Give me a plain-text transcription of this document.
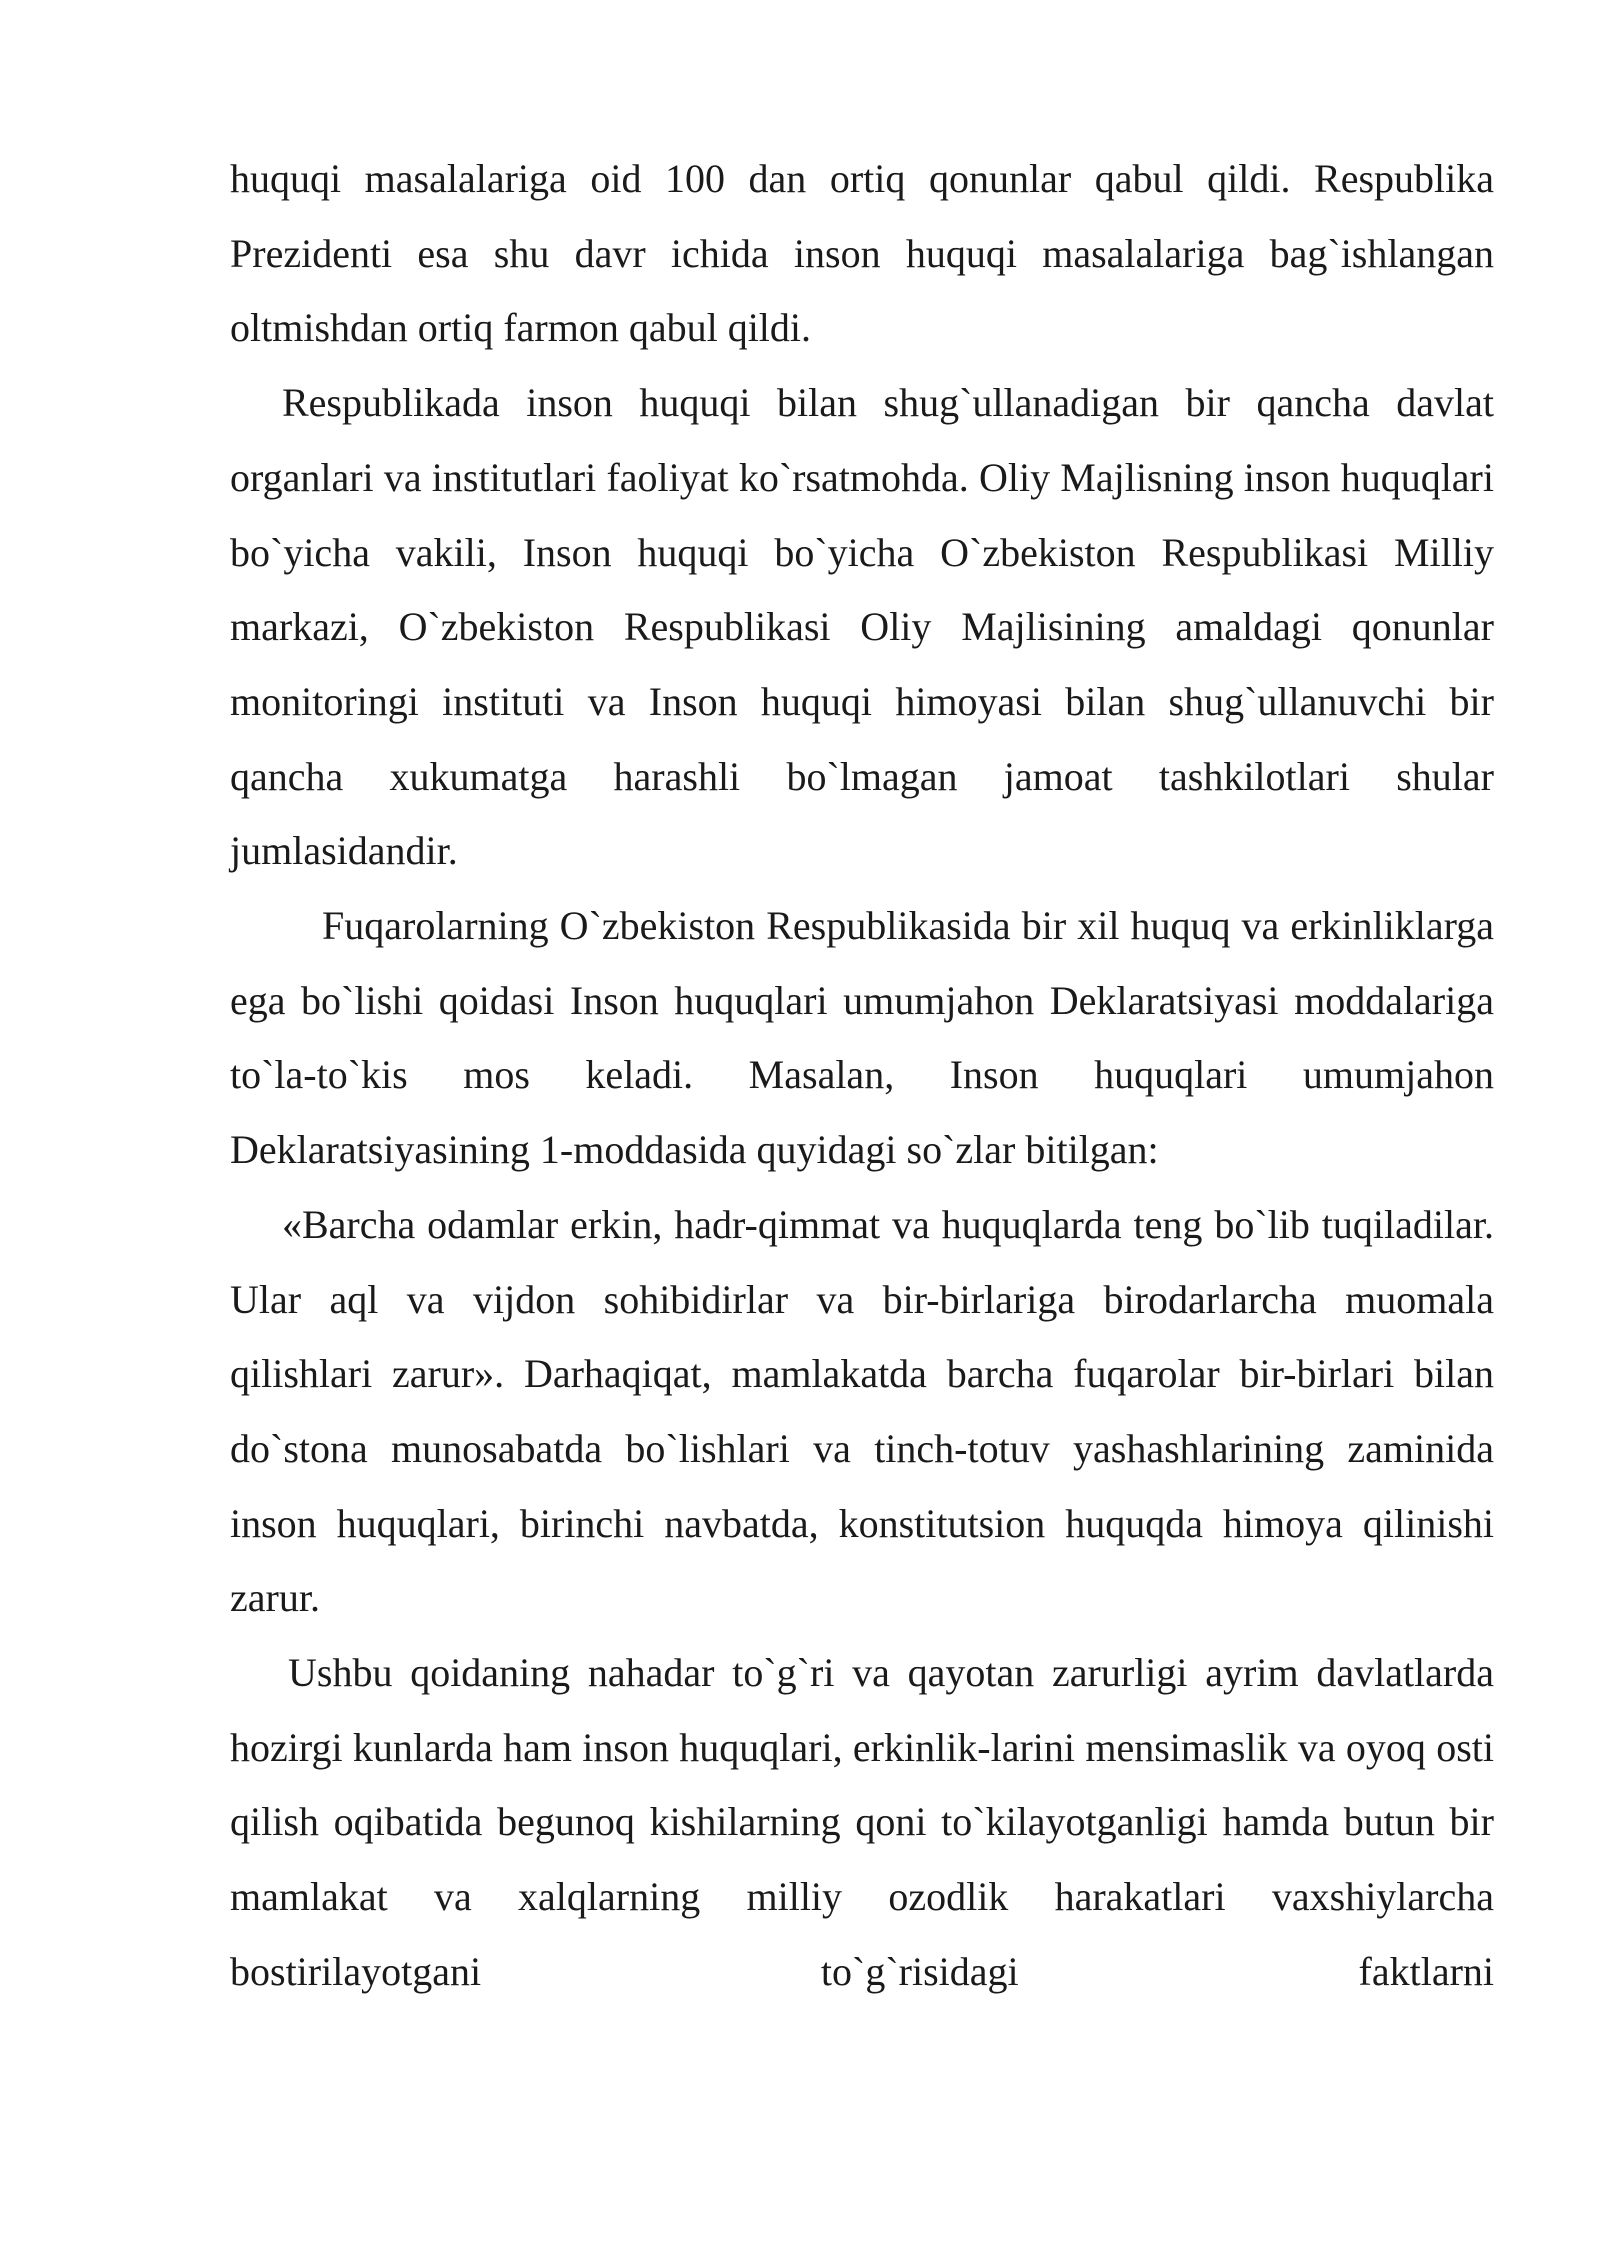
huquqi masalalariga oid 100 dan ortiq qonunlar qabul qildi. Respublika Prezidenti esa shu davr ichida inson huquqi masalalariga bag`ishlangan oltmishdan ortiq farmon qabul qildi.

Respublikada inson huquqi bilan shug`ullanadigan bir qancha davlat organlari va institutlari faoliyat ko`rsatmohda. Oliy Majlisning inson huquqlari bo`yicha vakili, Inson huquqi bo`yicha O`zbekiston Respublikasi Milliy markazi, O`zbekiston Respublikasi Oliy Majlisining amaldagi qonunlar monitoringi instituti va Inson huquqi himoyasi bilan shug`ullanuvchi bir qancha xukumatga harashli bo`lmagan jamoat tashkilotlari shular jumlasidandir.

Fuqarolarning O`zbekiston Respublikasida bir xil huquq va erkinliklarga ega bo`lishi qoidasi Inson huquqlari umumjahon Deklaratsiyasi moddalariga to`la-to`kis mos keladi. Masalan, Inson huquqlari umumjahon Deklaratsiyasining 1-moddasida quyidagi so`zlar bitilgan:

«Barcha odamlar erkin, hadr-qimmat va huquqlarda teng bo`lib tuqiladilar. Ular aql va vijdon sohibidirlar va bir-birlariga birodarlarcha muomala qilishlari zarur». Darhaqiqat, mamlakatda barcha fuqarolar bir-birlari bilan do`stona munosabatda bo`lishlari va tinch-totuv yashashlarining zaminida inson huquqlari, birinchi navbatda, konstitutsion huquqda himoya qilinishi zarur.

Ushbu qoidaning nahadar to`g`ri va qayotan zarurligi ayrim davlatlarda hozirgi kunlarda ham inson huquqlari, erkinlik-larini mensimaslik va oyoq osti qilish oqibatida begunoq kishilarning qoni to`kilayotganligi hamda butun bir mamlakat va xalqlarning milliy ozodlik harakatlari vaxshiylarcha bostirilayotgani to`g`risidagi faktlarni
